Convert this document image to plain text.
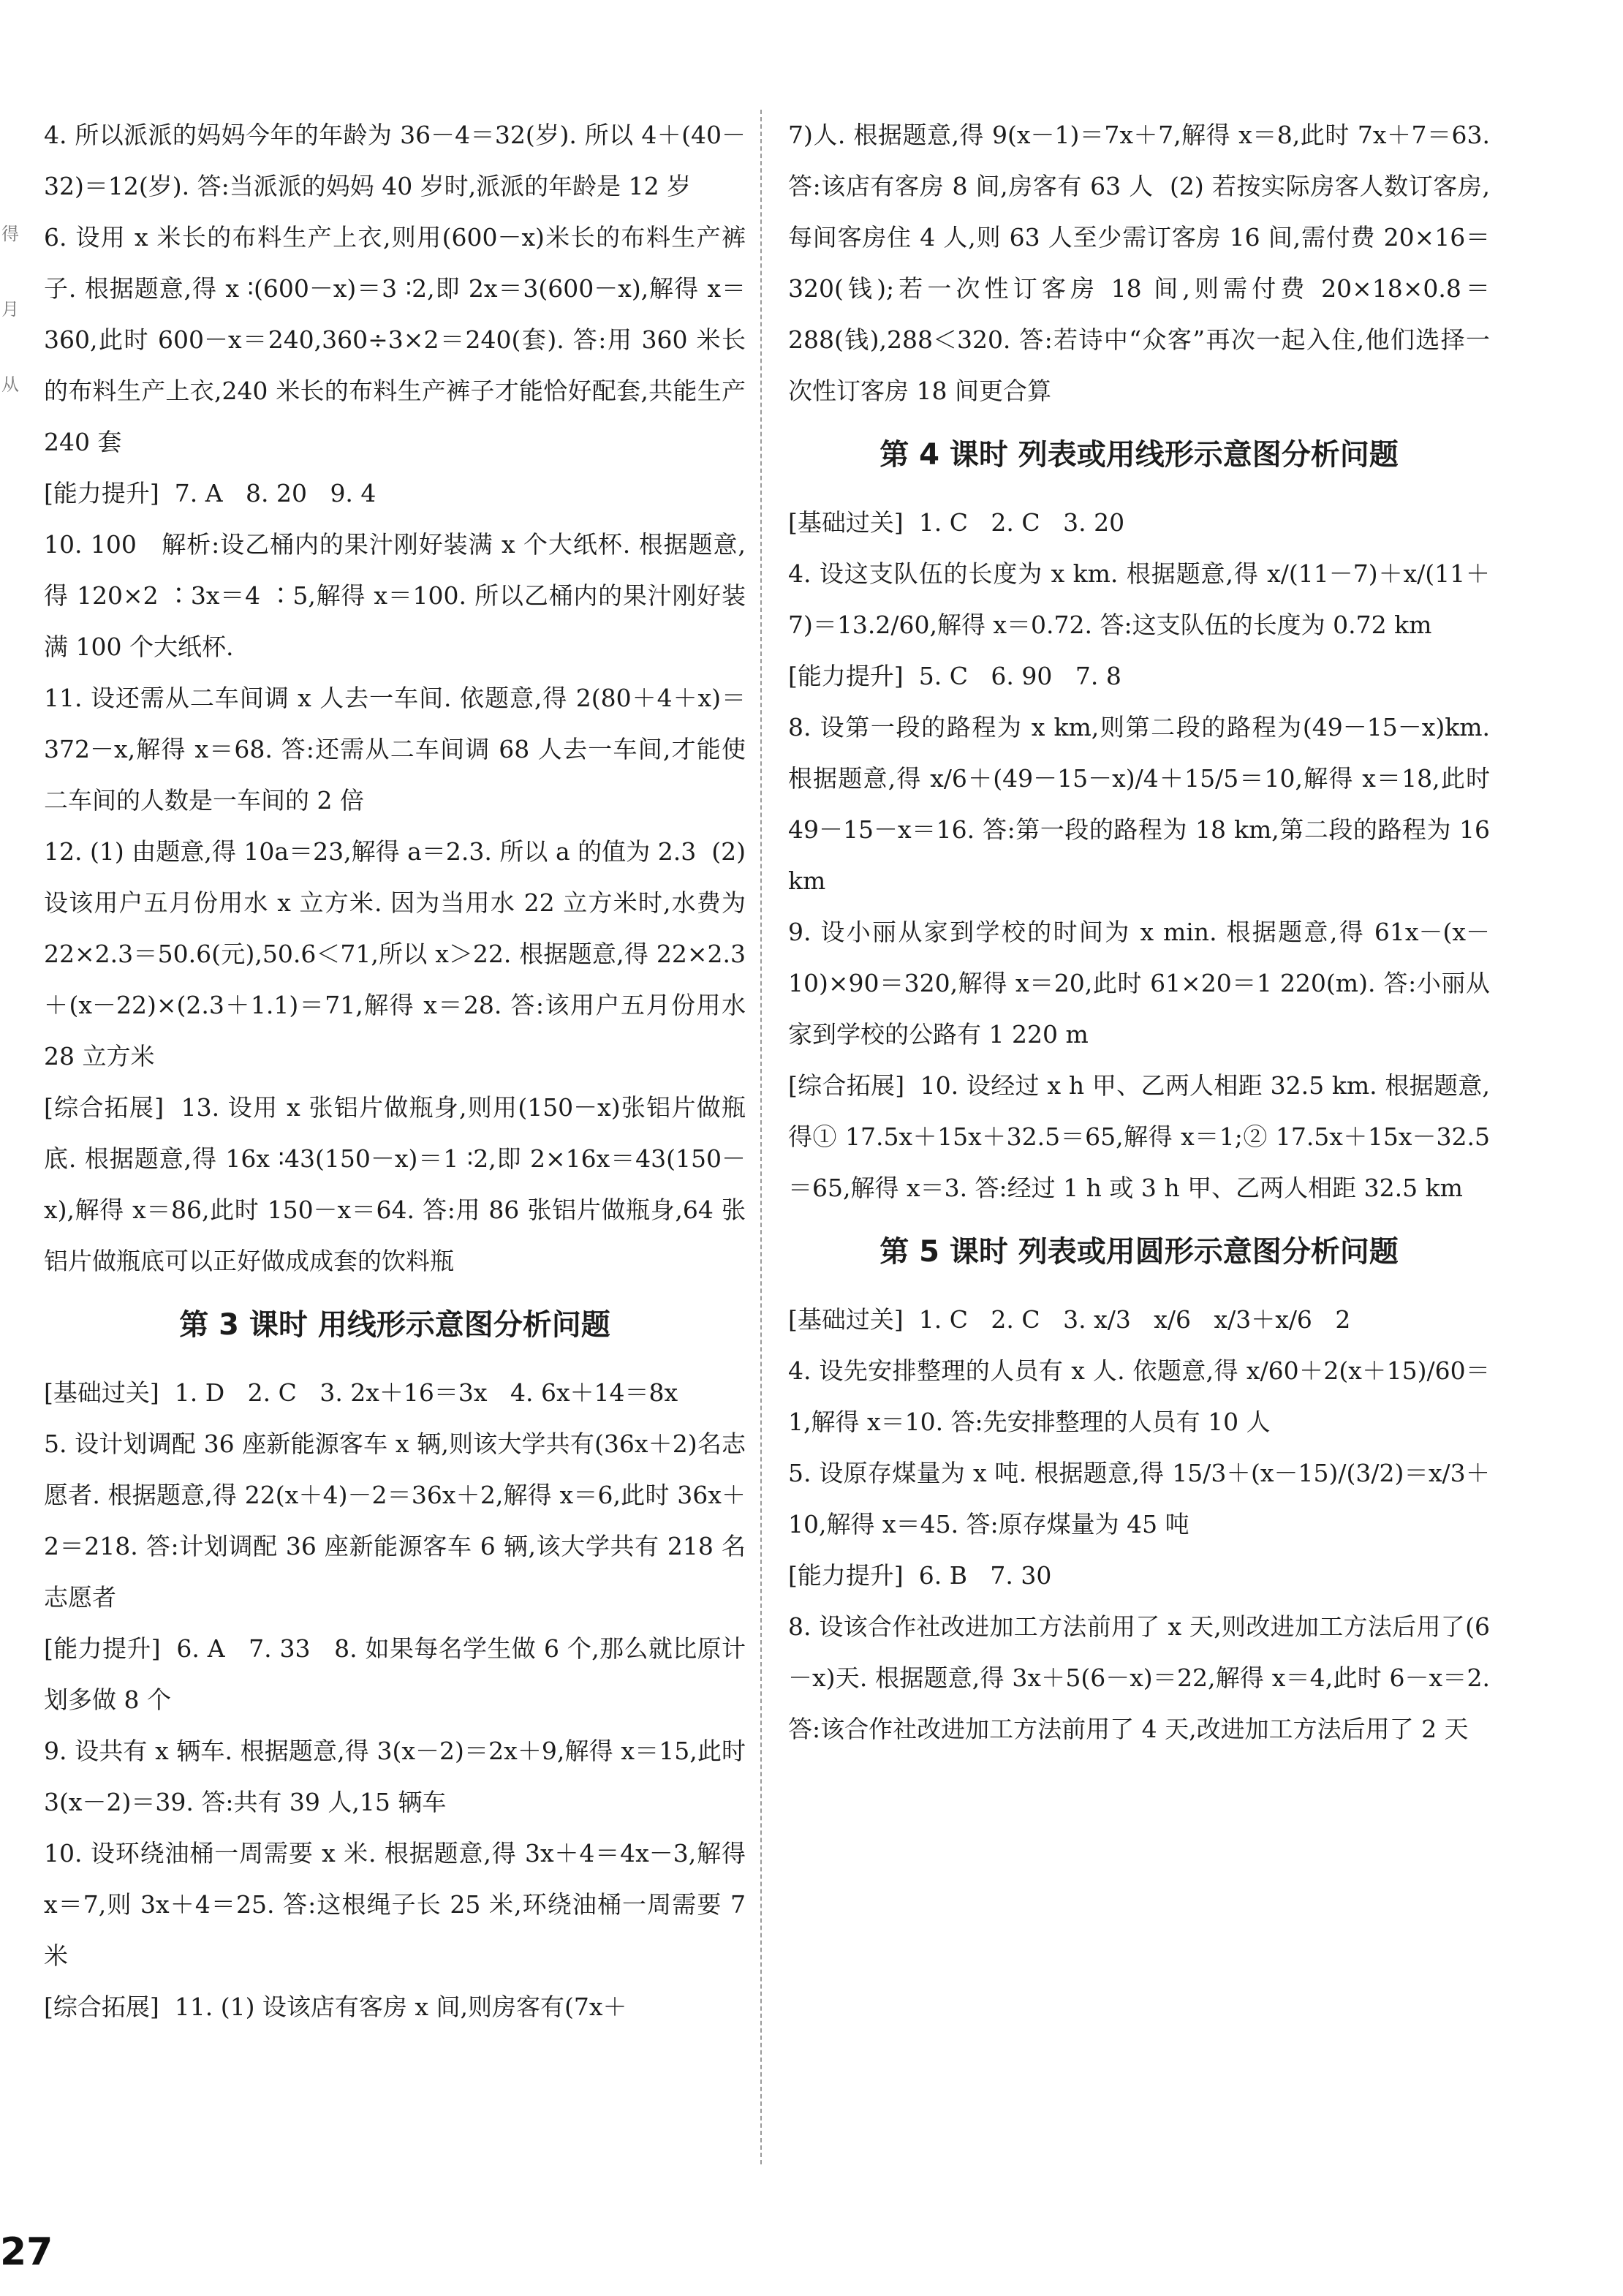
得
月
从
4. 所以派派的妈妈今年的年龄为 36－4＝32(岁). 所以 4＋(40－32)＝12(岁). 答:当派派的妈妈 40 岁时,派派的年龄是 12 岁
6. 设用 x 米长的布料生产上衣,则用(600－x)米长的布料生产裤子. 根据题意,得 x ∶(600－x)＝3 ∶2,即 2x＝3(600－x),解得 x＝360,此时 600－x＝240,360÷3×2＝240(套). 答:用 360 米长的布料生产上衣,240 米长的布料生产裤子才能恰好配套,共能生产 240 套
[能力提升]  7. A   8. 20   9. 4
10. 100   解析:设乙桶内的果汁刚好装满 x 个大纸杯. 根据题意,得 120×2 ∶3x＝4 ∶5,解得 x＝100. 所以乙桶内的果汁刚好装满 100 个大纸杯.
11. 设还需从二车间调 x 人去一车间. 依题意,得 2(80＋4＋x)＝372－x,解得 x＝68. 答:还需从二车间调 68 人去一车间,才能使二车间的人数是一车间的 2 倍
12. (1) 由题意,得 10a＝23,解得 a＝2.3. 所以 a 的值为 2.3  (2) 设该用户五月份用水 x 立方米. 因为当用水 22 立方米时,水费为 22×2.3＝50.6(元),50.6＜71,所以 x＞22. 根据题意,得 22×2.3＋(x－22)×(2.3＋1.1)＝71,解得 x＝28. 答:该用户五月份用水 28 立方米
[综合拓展]  13. 设用 x 张铝片做瓶身,则用(150－x)张铝片做瓶底. 根据题意,得 16x ∶43(150－x)＝1 ∶2,即 2×16x＝43(150－x),解得 x＝86,此时 150－x＝64. 答:用 86 张铝片做瓶身,64 张铝片做瓶底可以正好做成成套的饮料瓶
第 3 课时 用线形示意图分析问题
[基础过关]  1. D   2. C   3. 2x＋16＝3x   4. 6x＋14＝8x
5. 设计划调配 36 座新能源客车 x 辆,则该大学共有(36x＋2)名志愿者. 根据题意,得 22(x＋4)－2＝36x＋2,解得 x＝6,此时 36x＋2＝218. 答:计划调配 36 座新能源客车 6 辆,该大学共有 218 名志愿者
[能力提升]  6. A   7. 33   8. 如果每名学生做 6 个,那么就比原计划多做 8 个
9. 设共有 x 辆车. 根据题意,得 3(x－2)＝2x＋9,解得 x＝15,此时 3(x－2)＝39. 答:共有 39 人,15 辆车
10. 设环绕油桶一周需要 x 米. 根据题意,得 3x＋4＝4x－3,解得 x＝7,则 3x＋4＝25. 答:这根绳子长 25 米,环绕油桶一周需要 7 米
[综合拓展]  11. (1) 设该店有客房 x 间,则房客有(7x＋
7)人. 根据题意,得 9(x－1)＝7x＋7,解得 x＝8,此时 7x＋7＝63. 答:该店有客房 8 间,房客有 63 人  (2) 若按实际房客人数订客房,每间客房住 4 人,则 63 人至少需订客房 16 间,需付费 20×16＝320(钱);若一次性订客房 18 间,则需付费 20×18×0.8＝288(钱),288＜320. 答:若诗中“众客”再次一起入住,他们选择一次性订客房 18 间更合算
第 4 课时 列表或用线形示意图分析问题
[基础过关]  1. C   2. C   3. 20
4. 设这支队伍的长度为 x km. 根据题意,得 x/(11－7)＋x/(11＋7)＝13.2/60,解得 x＝0.72. 答:这支队伍的长度为 0.72 km
[能力提升]  5. C   6. 90   7. 8
8. 设第一段的路程为 x km,则第二段的路程为(49－15－x)km. 根据题意,得 x/6＋(49－15－x)/4＋15/5＝10,解得 x＝18,此时 49－15－x＝16. 答:第一段的路程为 18 km,第二段的路程为 16 km
9. 设小丽从家到学校的时间为 x min. 根据题意,得 61x－(x－10)×90＝320,解得 x＝20,此时 61×20＝1 220(m). 答:小丽从家到学校的公路有 1 220 m
[综合拓展]  10. 设经过 x h 甲、乙两人相距 32.5 km. 根据题意,得① 17.5x＋15x＋32.5＝65,解得 x＝1;② 17.5x＋15x－32.5＝65,解得 x＝3. 答:经过 1 h 或 3 h 甲、乙两人相距 32.5 km
第 5 课时 列表或用圆形示意图分析问题
[基础过关]  1. C   2. C   3. x/3   x/6   x/3＋x/6   2
4. 设先安排整理的人员有 x 人. 依题意,得 x/60＋2(x＋15)/60＝1,解得 x＝10. 答:先安排整理的人员有 10 人
5. 设原存煤量为 x 吨. 根据题意,得 15/3＋(x－15)/(3/2)＝x/3＋10,解得 x＝45. 答:原存煤量为 45 吨
[能力提升]  6. B   7. 30
8. 设该合作社改进加工方法前用了 x 天,则改进加工方法后用了(6－x)天. 根据题意,得 3x＋5(6－x)＝22,解得 x＝4,此时 6－x＝2. 答:该合作社改进加工方法前用了 4 天,改进加工方法后用了 2 天
27
